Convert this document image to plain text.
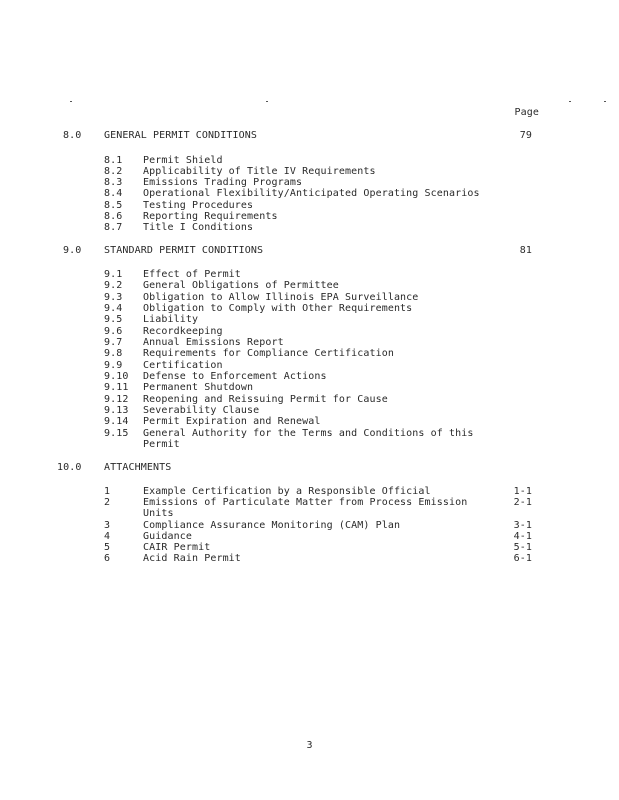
Page
8.0 GENERAL PERMIT CONDITIONS	79
8.1 Permit Shield
8.2 Applicability of Title IV Requirements
8.3 Emissions Trading Programs
8.4 Operational Flexibility/Anticipated Operating Scenarios
8.5 Testing Procedures
8.6 Reporting Requirements
8.7 Title I Conditions
9.0 STANDARD PERMIT CONDITIONS	81
9.1 Effect of Permit
9.2 General Obligations of Permittee
9.3 Obligation to Allow Illinois EPA Surveillance
9.4 Obligation to Comply with Other Requirements
9.5 Liability
9.6 Recordkeeping
9.7 Annual Emissions Report
9.8 Requirements for Compliance Certification
9.9 Certification
9.10 Defense to Enforcement Actions
9.11 Permanent Shutdown
9.12 Reopening and Reissuing Permit for Cause
9.13 Severability Clause
9.14 Permit Expiration and Renewal
9.15 General Authority for the Terms and Conditions of this
Permit
10.0 ATTACHMENTS
1	Example Certification by a Responsible Official	1-1
2	Emissions of Particulate Matter from Process Emission	2-1
Units
3	Compliance Assurance Monitoring (CAM) Plan	3-1
4	Guidance	4-1
5	CAIR Permit	5-1
6	Acid Rain Permit	6-1
3
